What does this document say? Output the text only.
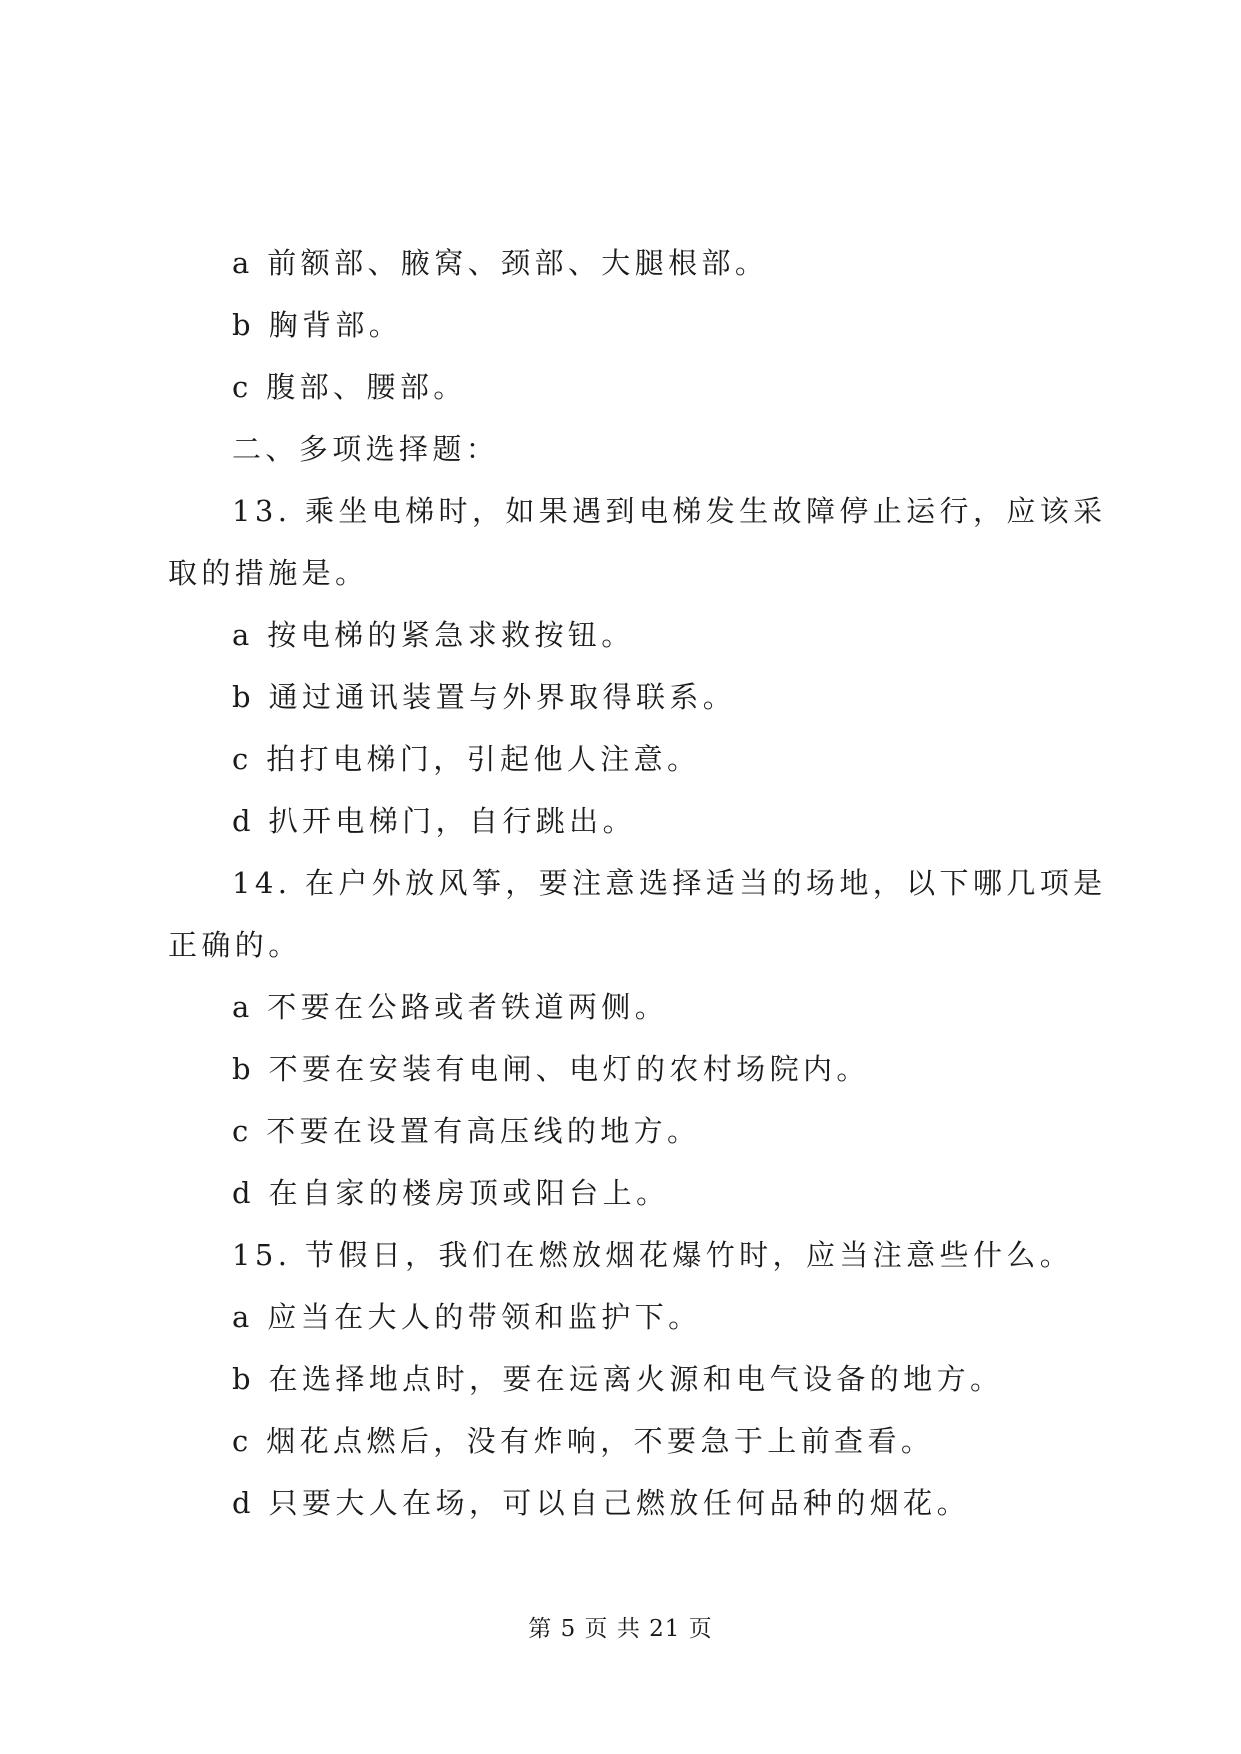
a 前额部、腋窝、颈部、大腿根部。
b 胸背部。
c 腹部、腰部。
二、多项选择题：
13. 乘坐电梯时，如果遇到电梯发生故障停止运行，应该采
取的措施是。
a 按电梯的紧急求救按钮。
b 通过通讯装置与外界取得联系。
c 拍打电梯门，引起他人注意。
d 扒开电梯门，自行跳出。
14. 在户外放风筝，要注意选择适当的场地，以下哪几项是
正确的。
a 不要在公路或者铁道两侧。
b 不要在安装有电闸、电灯的农村场院内。
c 不要在设置有高压线的地方。
d 在自家的楼房顶或阳台上。
15. 节假日，我们在燃放烟花爆竹时，应当注意些什么。
a 应当在大人的带领和监护下。
b 在选择地点时，要在远离火源和电气设备的地方。
c 烟花点燃后，没有炸响，不要急于上前查看。
d 只要大人在场，可以自己燃放任何品种的烟花。
第 5 页 共 21 页
